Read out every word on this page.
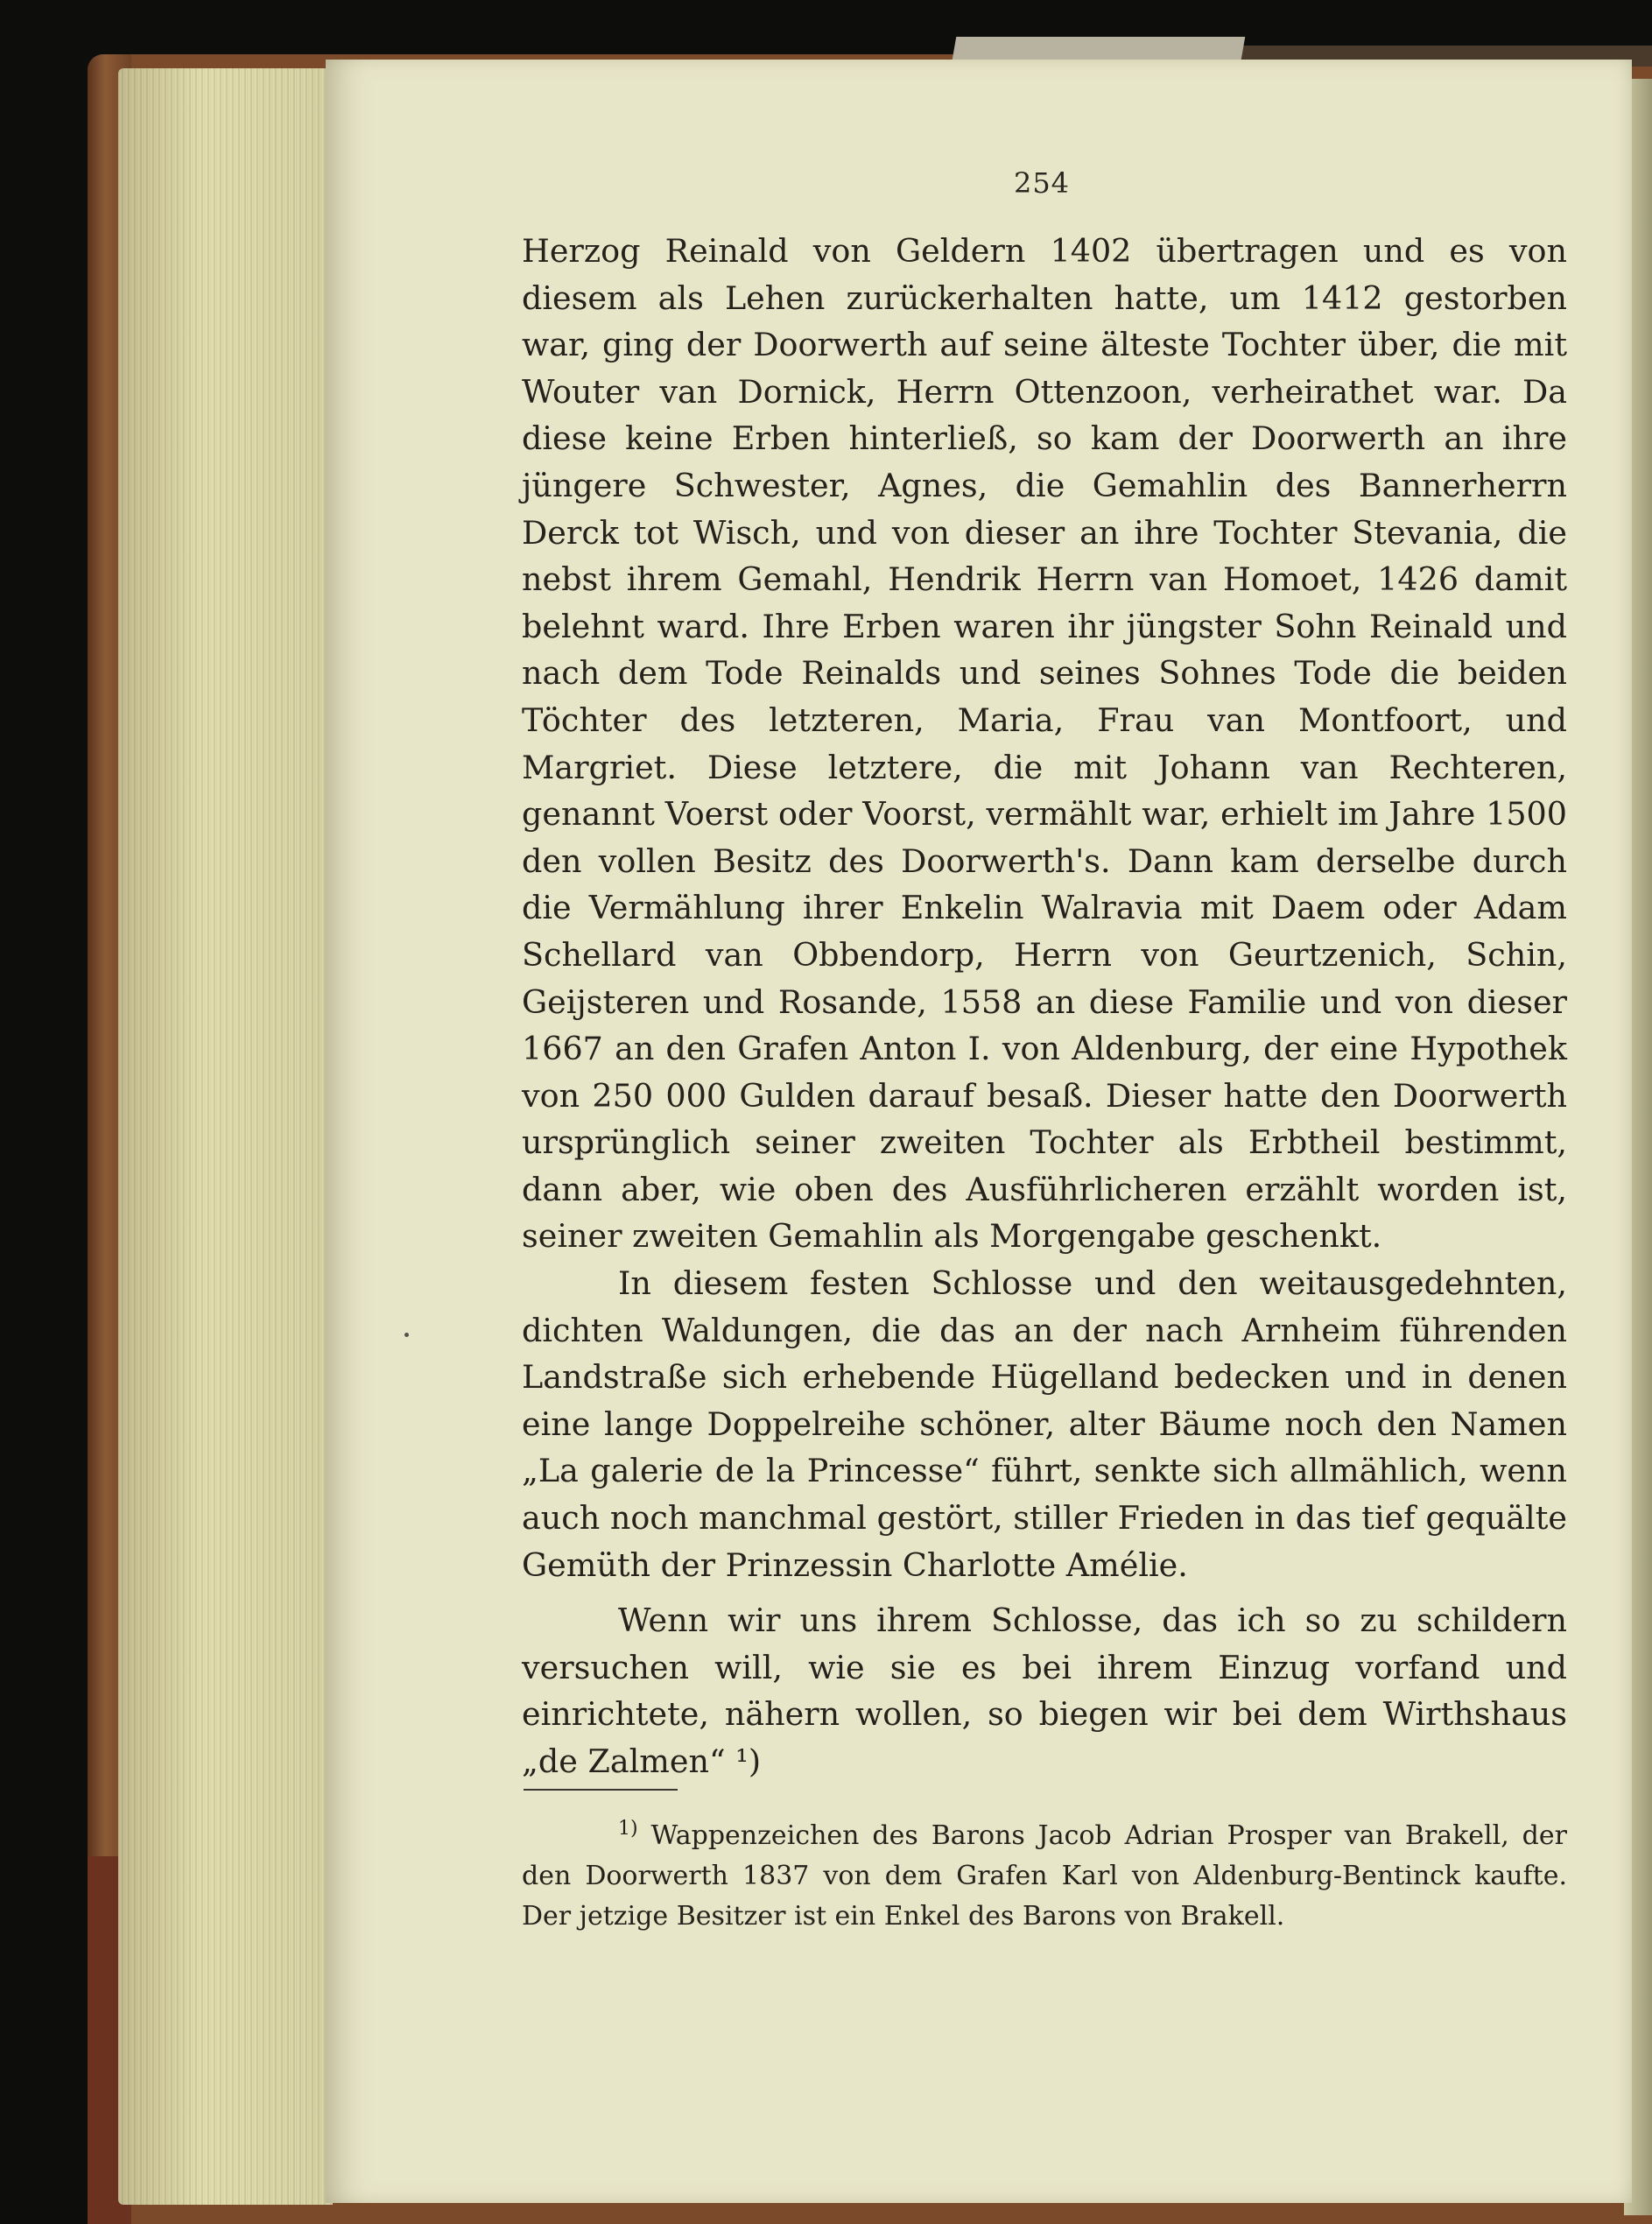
254

Herzog Reinald von Geldern 1402 übertragen und es von diesem als Lehen zurückerhalten hatte, um 1412 gestorben war, ging der Doorwerth auf seine älteste Tochter über, die mit Wouter van Dornick, Herrn Ottenzoon, verheirathet war. Da diese keine Erben hinterließ, so kam der Doorwerth an ihre jüngere Schwester, Agnes, die Gemahlin des Bannerherrn Derck tot Wisch, und von dieser an ihre Tochter Stevania, die nebst ihrem Gemahl, Hendrik Herrn van Homoet, 1426 damit belehnt ward. Ihre Erben waren ihr jüngster Sohn Reinald und nach dem Tode Reinalds und seines Sohnes Tode die beiden Töchter des letzteren, Maria, Frau van Montfoort, und Margriet. Diese letztere, die mit Johann van Rechteren, genannt Voerst oder Voorst, vermählt war, erhielt im Jahre 1500 den vollen Besitz des Doorwerth's. Dann kam derselbe durch die Vermählung ihrer Enkelin Walravia mit Daem oder Adam Schellard van Obbendorp, Herrn von Geurtzenich, Schin, Geijsteren und Rosande, 1558 an diese Familie und von dieser 1667 an den Grafen Anton I. von Aldenburg, der eine Hypothek von 250 000 Gulden darauf besaß. Dieser hatte den Doorwerth ursprünglich seiner zweiten Tochter als Erbtheil bestimmt, dann aber, wie oben des Ausführlicheren erzählt worden ist, seiner zweiten Gemahlin als Morgengabe geschenkt.

In diesem festen Schlosse und den weitausgedehnten, dichten Waldungen, die das an der nach Arnheim führenden Landstraße sich erhebende Hügelland bedecken und in denen eine lange Doppelreihe schöner, alter Bäume noch den Namen „La galerie de la Princesse“ führt, senkte sich allmählich, wenn auch noch manchmal gestört, stiller Frieden in das tief gequälte Gemüth der Prinzessin Charlotte Amélie.

Wenn wir uns ihrem Schlosse, das ich so zu schildern versuchen will, wie sie es bei ihrem Einzug vorfand und einrichtete, nähern wollen, so biegen wir bei dem Wirthshaus „de Zalmen“ ¹)

$^{1)}$ Wappenzeichen des Barons Jacob Adrian Prosper van Brakell, der den Doorwerth 1837 von dem Grafen Karl von Aldenburg-Bentinck kaufte. Der jetzige Besitzer ist ein Enkel des Barons von Brakell.
